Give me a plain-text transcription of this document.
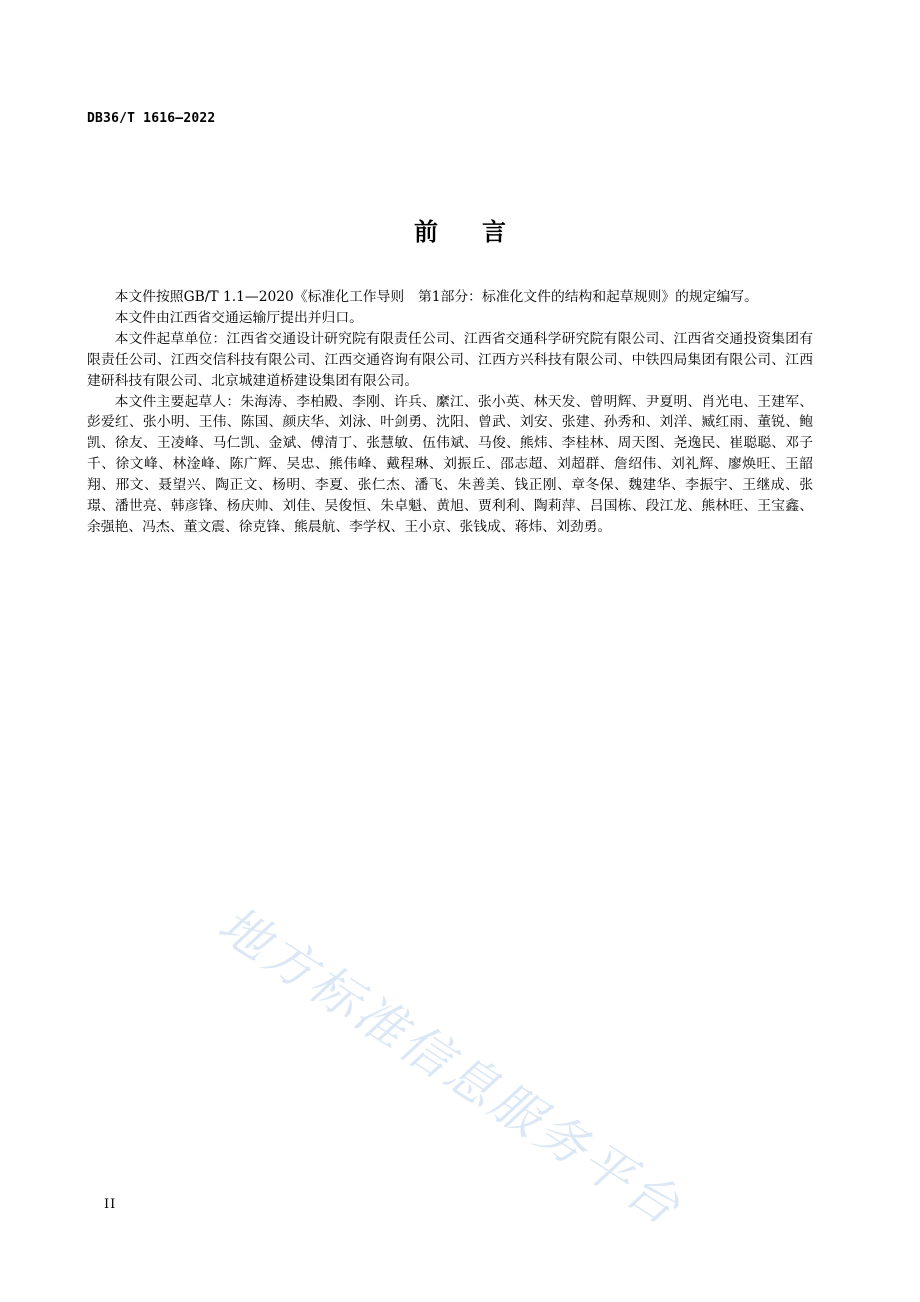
DB36/T 1616—2022
前言

本文件按照GB/T 1.1—2020《标准化工作导则　第1部分：标准化文件的结构和起草规则》的规定编写。

本文件由江西省交通运输厅提出并归口。

本文件起草单位：江西省交通设计研究院有限责任公司、江西省交通科学研究院有限公司、江西省交通投资集团有限责任公司、江西交信科技有限公司、江西交通咨询有限公司、江西方兴科技有限公司、中铁四局集团有限公司、江西建研科技有限公司、北京城建道桥建设集团有限公司。

本文件主要起草人：朱海涛、李柏殿、李刚、许兵、縻江、张小英、林天发、曾明辉、尹夏明、肖光电、王建军、彭爱红、张小明、王伟、陈国、颜庆华、刘泳、叶剑勇、沈阳、曾武、刘安、张建、孙秀和、刘洋、臧红雨、董锐、鲍凯、徐友、王凌峰、马仁凯、金斌、傅清丁、张慧敏、伍伟斌、马俊、熊炜、李桂林、周天图、尧逸民、崔聪聪、邓子千、徐文峰、林淦峰、陈广辉、吴忠、熊伟峰、戴程琳、刘振丘、邵志超、刘超群、詹绍伟、刘礼辉、廖焕旺、王韶翔、邢文、聂望兴、陶正文、杨明、李夏、张仁杰、潘飞、朱善美、钱正刚、章冬保、魏建华、李振宇、王继成、张璟、潘世亮、韩彦锋、杨庆帅、刘佳、吴俊恒、朱卓魁、黄旭、贾利利、陶莉萍、吕国栋、段江龙、熊林旺、王宝鑫、余强艳、冯杰、董文震、徐克锋、熊晨航、李学权、王小京、张钱成、蒋炜、刘劲勇。

地方标准信息服务平台
II
